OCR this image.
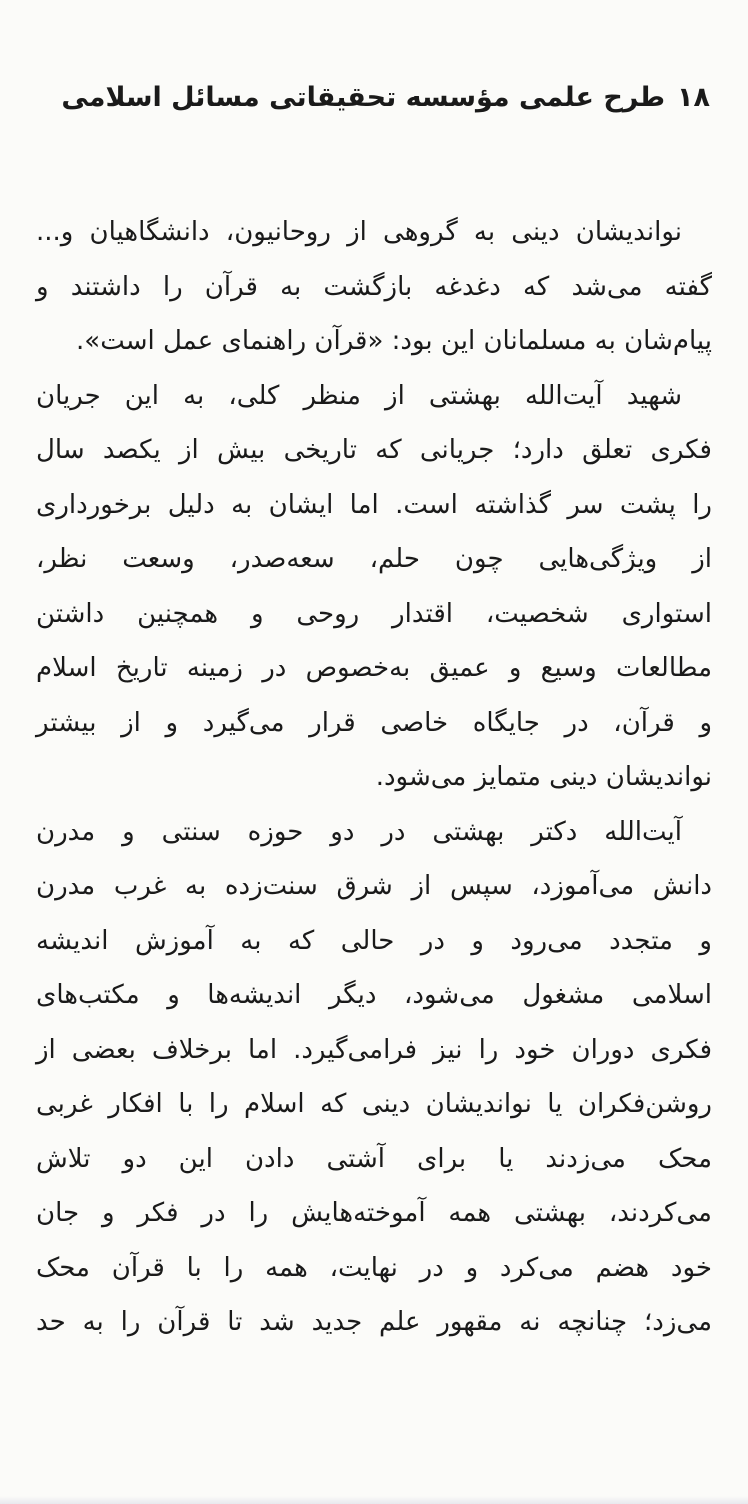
۱۸طرح علمی مؤسسه تحقیقاتی مسائل اسلامی
نواندیشان دینی به گروهی از روحانیون، دانشگاهیان و...
گفته می‌شد که دغدغه بازگشت به قرآن را داشتند و
پیام‌شان به مسلمانان این بود: «قرآن راهنمای عمل است».
شهید آیت‌الله بهشتی از منظر کلی، به این جریان
فکری تعلق دارد؛ جریانی که تاریخی بیش از یکصد سال
را پشت سر گذاشته است. اما ایشان به دلیل برخورداری
از ویژگی‌هایی چون حلم، سعه‌صدر، وسعت نظر،
استواری شخصیت، اقتدار روحی و همچنین داشتن
مطالعات وسیع و عمیق به‌خصوص در زمینه تاریخ اسلام
و قرآن، در جایگاه خاصی قرار می‌گیرد و از بیشتر
نواندیشان دینی متمایز می‌شود.
آیت‌الله دکتر بهشتی در دو حوزه سنتی و مدرن
دانش می‌آموزد، سپس از شرق سنت‌زده به غرب مدرن
و متجدد می‌رود و در حالی که به آموزش اندیشه
اسلامی مشغول می‌شود، دیگر اندیشه‌ها و مکتب‌های
فکری دوران خود را نیز فرامی‌گیرد. اما برخلاف بعضی از
روشن‌فکران یا نواندیشان دینی که اسلام را با افکار غربی
محک می‌زدند یا برای آشتی دادن این دو تلاش
می‌کردند، بهشتی همه آموخته‌هایش را در فکر و جان
خود هضم می‌کرد و در نهایت، همه را با قرآن محک
می‌زد؛ چنانچه نه مقهور علم جدید شد تا قرآن را به حد
